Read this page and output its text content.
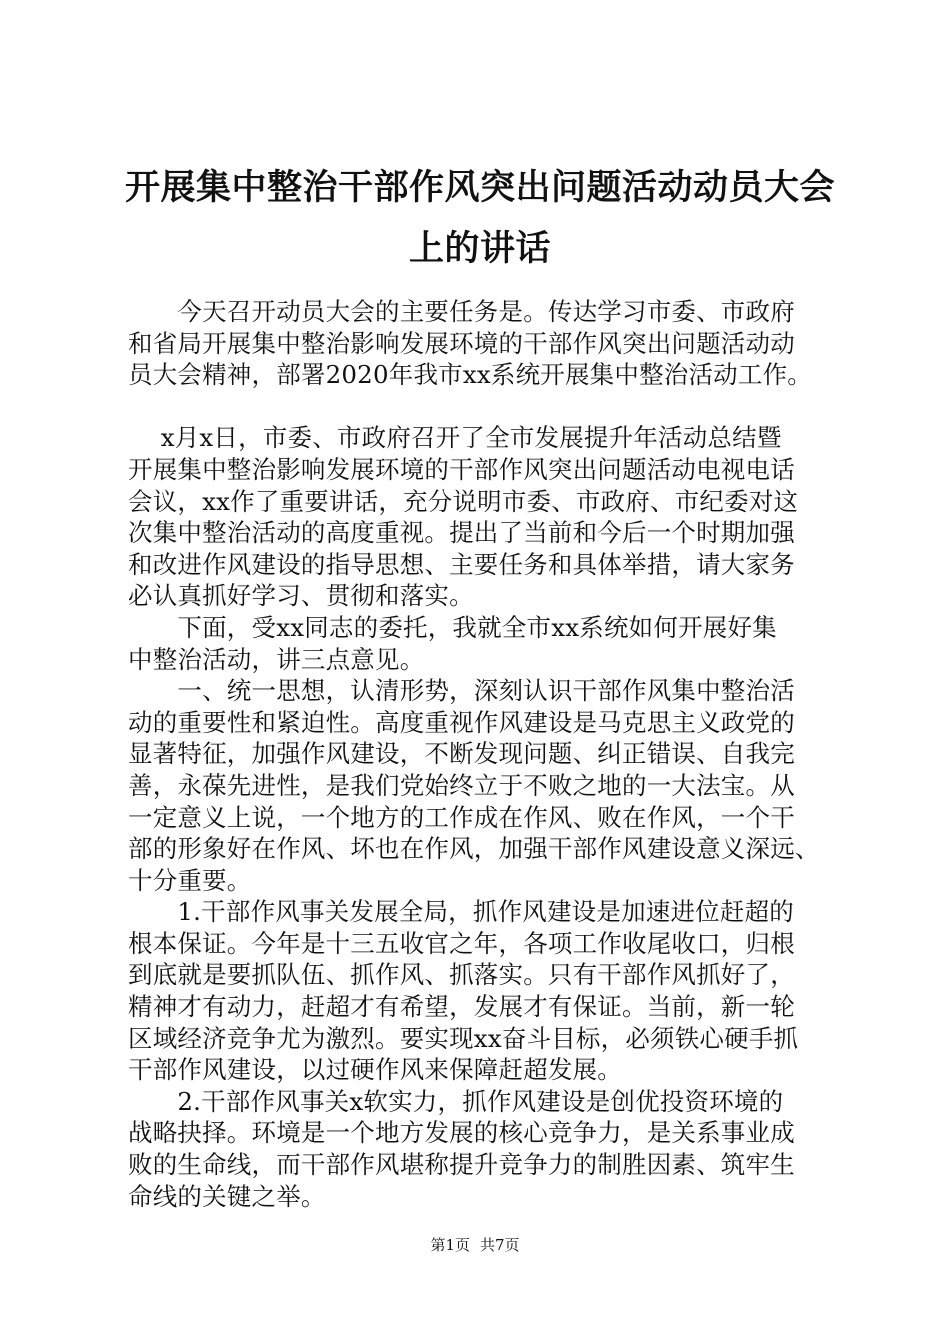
开展集中整治干部作风突出问题活动动员大会
上的讲话
　　今天召开动员大会的主要任务是。传达学习市委、市政府
和省局开展集中整治影响发展环境的干部作风突出问题活动动
员大会精神，部署2020年我市xx系统开展集中整治活动工作。
　 x月x日，市委、市政府召开了全市发展提升年活动总结暨
开展集中整治影响发展环境的干部作风突出问题活动电视电话
会议，xx作了重要讲话，充分说明市委、市政府、市纪委对这
次集中整治活动的高度重视。提出了当前和今后一个时期加强
和改进作风建设的指导思想、主要任务和具体举措，请大家务
必认真抓好学习、贯彻和落实。
　　下面，受xx同志的委托，我就全市xx系统如何开展好集
中整治活动，讲三点意见。
　　一、统一思想，认清形势，深刻认识干部作风集中整治活
动的重要性和紧迫性。高度重视作风建设是马克思主义政党的
显著特征，加强作风建设，不断发现问题、纠正错误、自我完
善，永葆先进性，是我们党始终立于不败之地的一大法宝。从
一定意义上说，一个地方的工作成在作风、败在作风，一个干
部的形象好在作风、坏也在作风，加强干部作风建设意义深远、
十分重要。
　　1.干部作风事关发展全局，抓作风建设是加速进位赶超的
根本保证。今年是十三五收官之年，各项工作收尾收口，归根
到底就是要抓队伍、抓作风、抓落实。只有干部作风抓好了，
精神才有动力，赶超才有希望，发展才有保证。当前，新一轮
区域经济竞争尤为激烈。要实现xx奋斗目标，必须铁心硬手抓
干部作风建设，以过硬作风来保障赶超发展。
　　2.干部作风事关x软实力，抓作风建设是创优投资环境的
战略抉择。环境是一个地方发展的核心竞争力，是关系事业成
败的生命线，而干部作风堪称提升竞争力的制胜因素、筑牢生
命线的关键之举。
第1页 共7页
